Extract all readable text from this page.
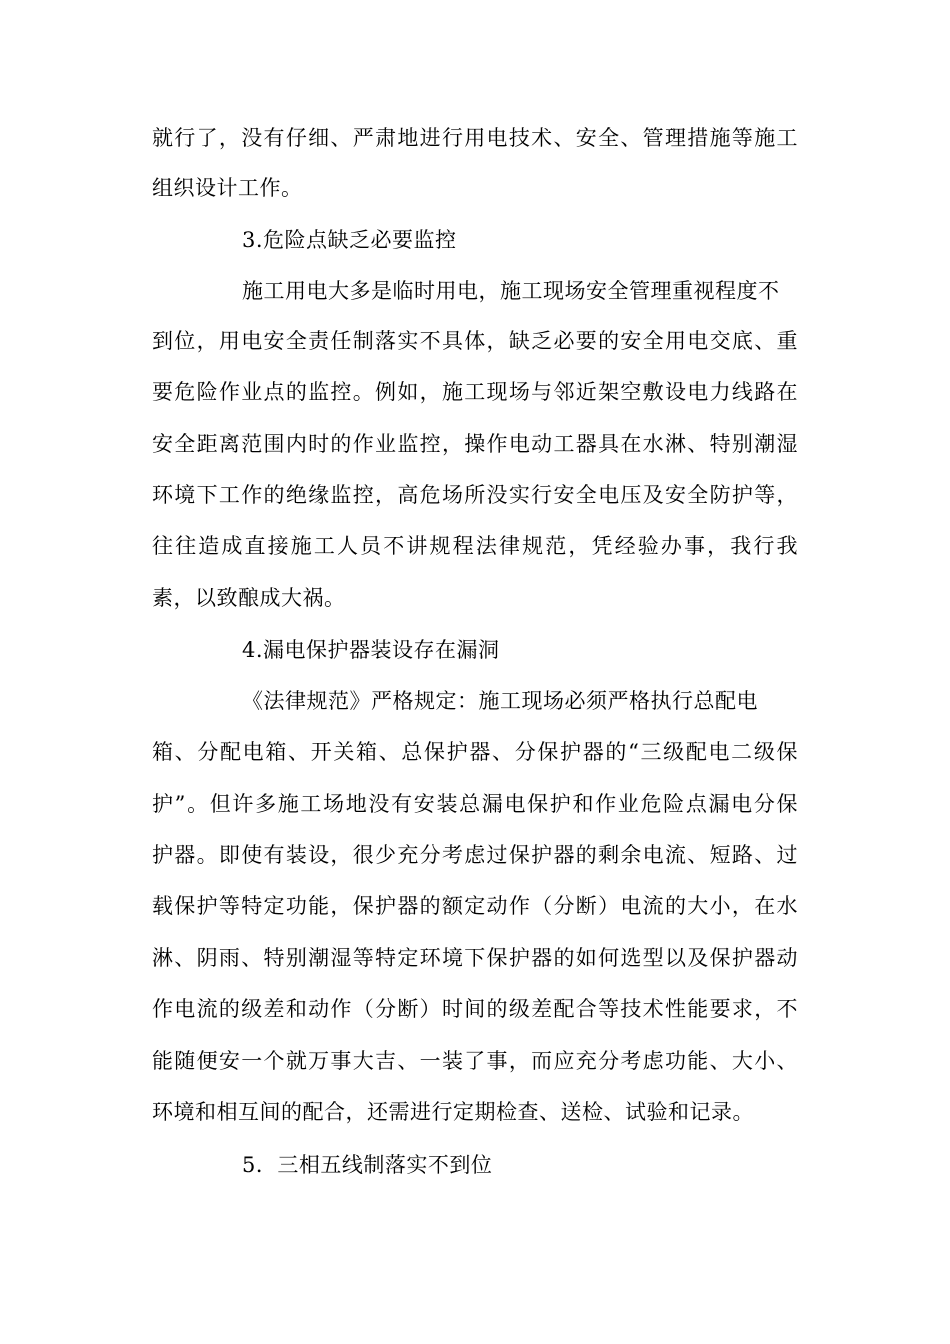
就行了，没有仔细、严肃地进行用电技术、安全、管理措施等施工
组织设计工作。
3.危险点缺乏必要监控
施工用电大多是临时用电，施工现场安全管理重视程度不
到位，用电安全责任制落实不具体，缺乏必要的安全用电交底、重
要危险作业点的监控。例如，施工现场与邻近架空敷设电力线路在
安全距离范围内时的作业监控，操作电动工器具在水淋、特别潮湿
环境下工作的绝缘监控，高危场所没实行安全电压及安全防护等，
往往造成直接施工人员不讲规程法律规范，凭经验办事，我行我
素，以致酿成大祸。
4.漏电保护器装设存在漏洞
《法律规范》严格规定：施工现场必须严格执行总配电
箱、分配电箱、开关箱、总保护器、分保护器的“三级配电二级保
护”。但许多施工场地没有安装总漏电保护和作业危险点漏电分保
护器。即使有装设，很少充分考虑过保护器的剩余电流、短路、过
载保护等特定功能，保护器的额定动作（分断）电流的大小，在水
淋、阴雨、特别潮湿等特定环境下保护器的如何选型以及保护器动
作电流的级差和动作（分断）时间的级差配合等技术性能要求，不
能随便安一个就万事大吉、一装了事，而应充分考虑功能、大小、
环境和相互间的配合，还需进行定期检查、送检、试验和记录。
5．三相五线制落实不到位
